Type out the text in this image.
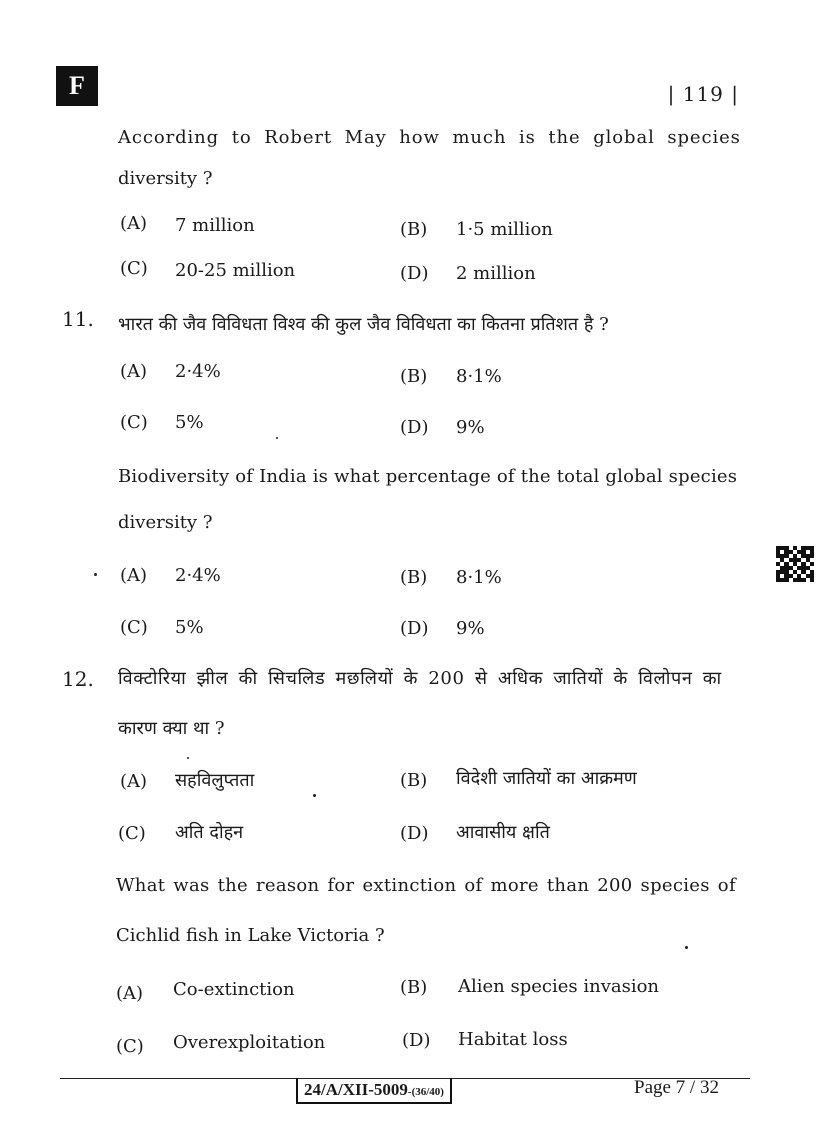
F	| 119 |
According to Robert May how much is the global species
diversity ?
(A) 7 million	(B) 1·5 million
(C) 20-25 million	(D) 2 million
11. भारत की जैव विविधता विश्व की कुल जैव विविधता का कितना प्रतिशत है ?
(A) 2·4%	(B) 8·1%
(C) 5%	(D) 9%
Biodiversity of India is what percentage of the total global species
diversity ?
(A) 2·4%	(B) 8·1%
(C) 5%	(D) 9%
12. विक्टोरिया झील की सिचलिड मछलियों के 200 से अधिक जातियों के विलोपन का
कारण क्या था ?
(A) सहविलुप्तता	(B) विदेशी जातियों का आक्रमण
(C) अति दोहन	(D) आवासीय क्षति
What was the reason for extinction of more than 200 species of
Cichlid fish in Lake Victoria ?
(A) Co-extinction	(B) Alien species invasion
(C) Overexploitation	(D) Habitat loss
24/A/XII-5009-(36/40)	Page 7 / 32
